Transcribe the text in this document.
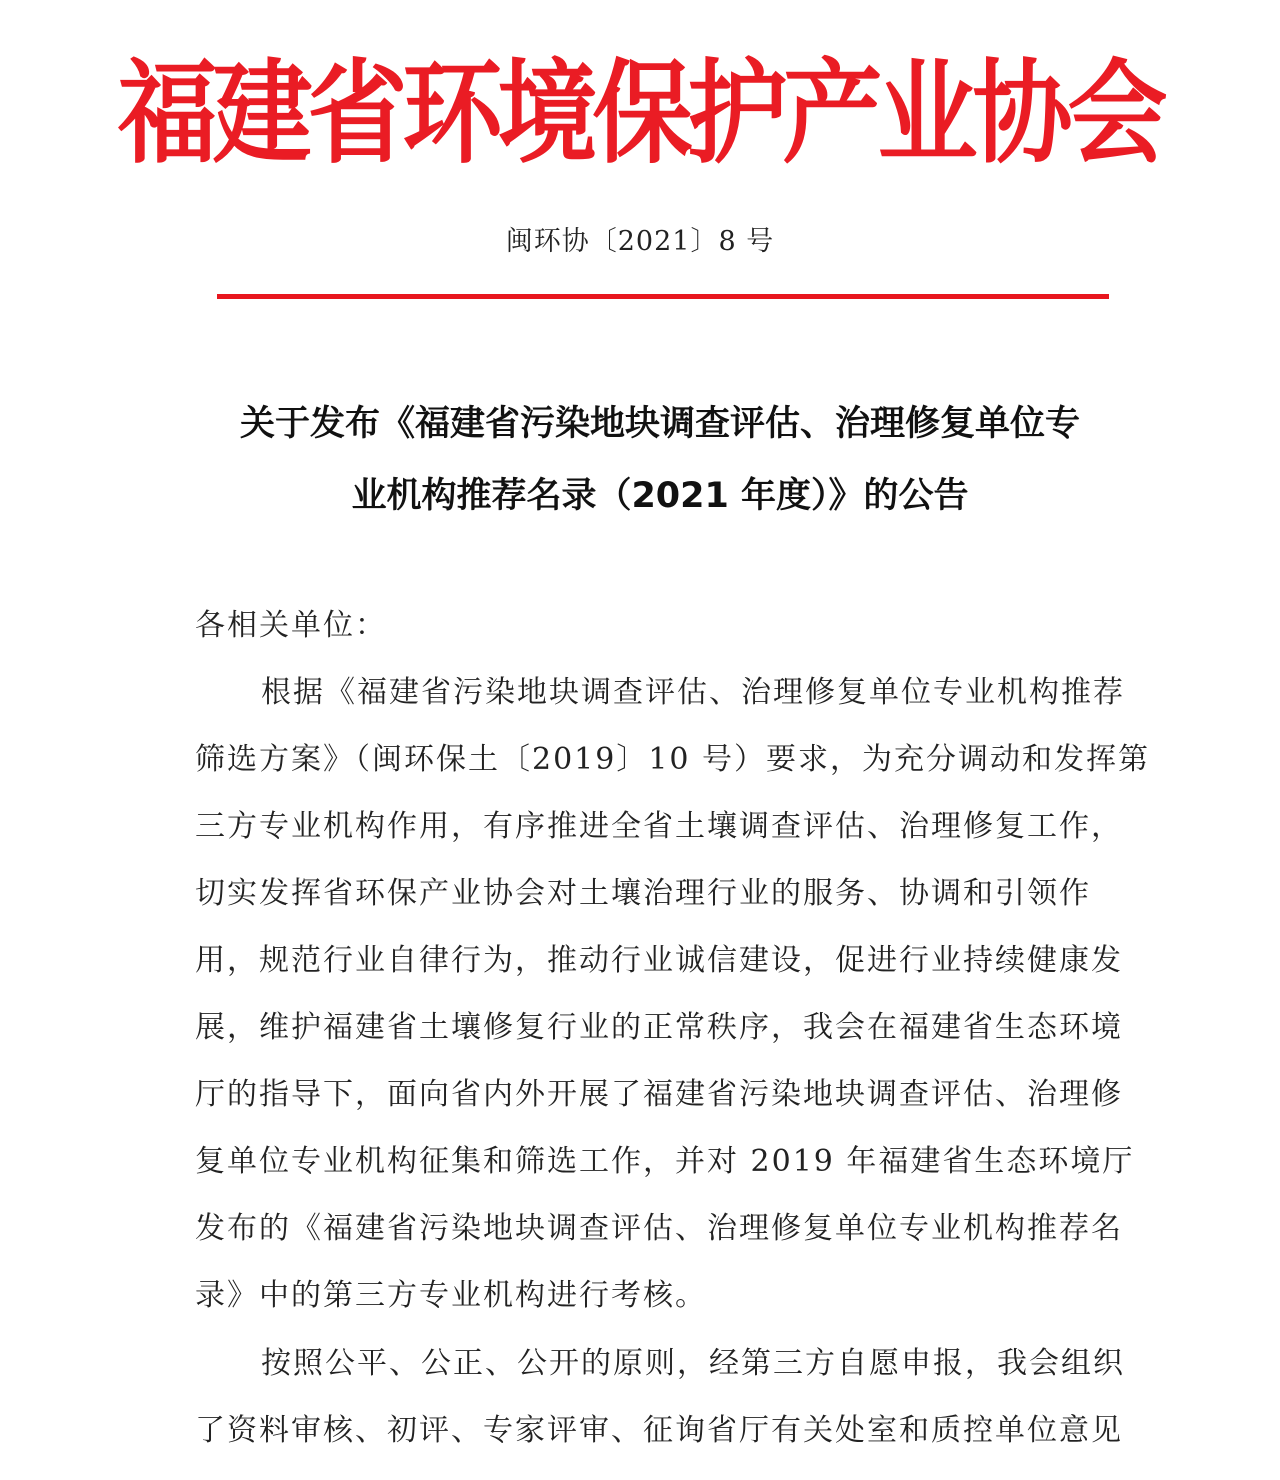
福建省环境保护产业协会
闽环协〔2021〕8 号
关于发布《福建省污染地块调查评估、治理修复单位专
业机构推荐名录（2021 年度）》的公告
各相关单位：
根据《福建省污染地块调查评估、治理修复单位专业机构推荐
筛选方案》（闽环保土〔2019〕10 号）要求，为充分调动和发挥第
三方专业机构作用，有序推进全省土壤调查评估、治理修复工作，
切实发挥省环保产业协会对土壤治理行业的服务、协调和引领作
用，规范行业自律行为，推动行业诚信建设，促进行业持续健康发
展，维护福建省土壤修复行业的正常秩序，我会在福建省生态环境
厅的指导下，面向省内外开展了福建省污染地块调查评估、治理修
复单位专业机构征集和筛选工作，并对 2019 年福建省生态环境厅
发布的《福建省污染地块调查评估、治理修复单位专业机构推荐名
录》中的第三方专业机构进行考核。
按照公平、公正、公开的原则，经第三方自愿申报，我会组织
了资料审核、初评、专家评审、征询省厅有关处室和质控单位意见
